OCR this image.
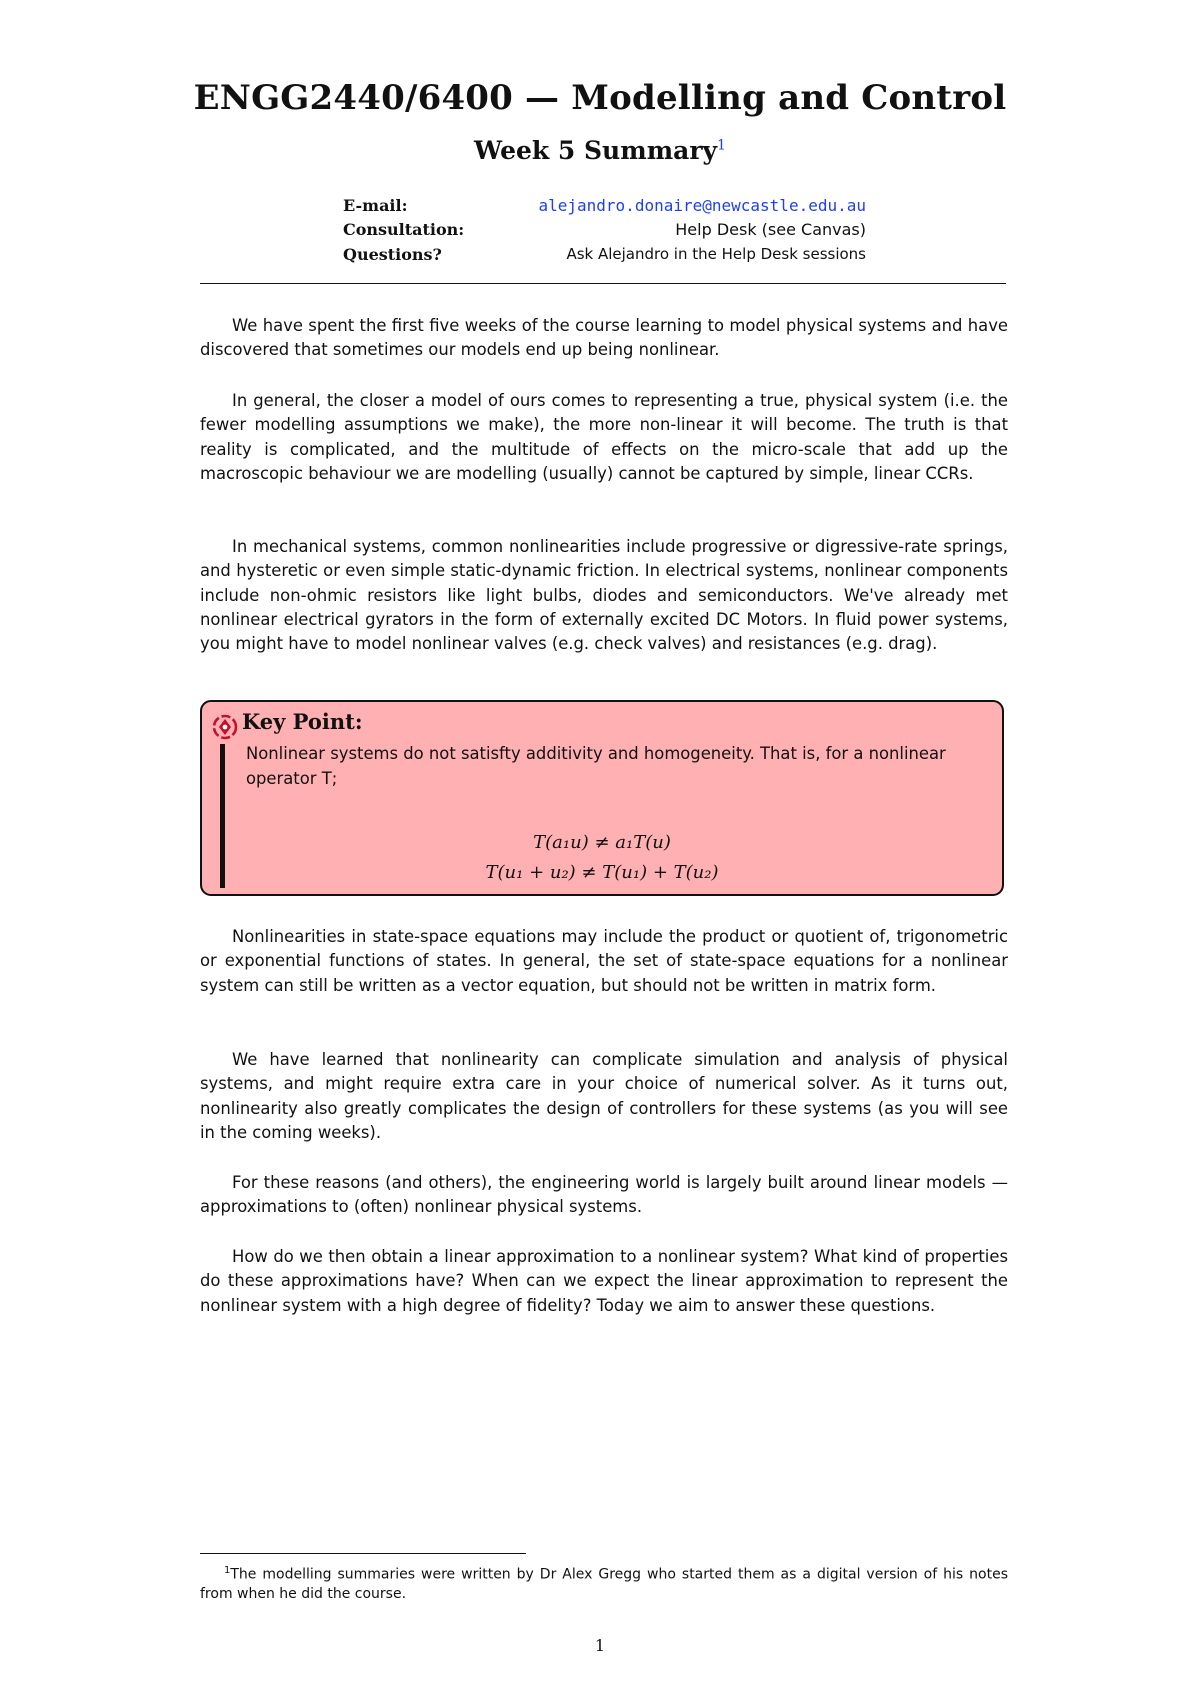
ENGG2440/6400 — Modelling and Control
Week 5 Summary$^1$
E-mail:	alejandro.donaire@newcastle.edu.au
Consultation:	Help Desk (see Canvas)
Questions?	Ask Alejandro in the Help Desk sessions

We have spent the first five weeks of the course learning to model physical systems and have discovered that sometimes our models end up being nonlinear.

In general, the closer a model of ours comes to representing a true, physical system (i.e. the fewer modelling assumptions we make), the more non-linear it will become. The truth is that reality is complicated, and the multitude of effects on the micro-scale that add up the macroscopic behaviour we are modelling (usually) cannot be captured by simple, linear CCRs.

In mechanical systems, common nonlinearities include progressive or digressive-rate springs, and hysteretic or even simple static-dynamic friction. In electrical systems, nonlinear components include non-ohmic resistors like light bulbs, diodes and semiconductors. We've already met nonlinear electrical gyrators in the form of externally excited DC Motors. In fluid power systems, you might have to model nonlinear valves (e.g. check valves) and resistances (e.g. drag).

Key Point:

Nonlinear systems do not satisfty additivity and homogeneity. That is, for a nonlinear operator T;

T(a₁u) ≠ a₁T(u)
T(u₁ + u₂) ≠ T(u₁) + T(u₂)

Nonlinearities in state-space equations may include the product or quotient of, trigonometric or exponential functions of states. In general, the set of state-space equations for a nonlinear system can still be written as a vector equation, but should not be written in matrix form.

We have learned that nonlinearity can complicate simulation and analysis of physical systems, and might require extra care in your choice of numerical solver. As it turns out, nonlinearity also greatly complicates the design of controllers for these systems (as you will see in the coming weeks).

For these reasons (and others), the engineering world is largely built around linear models — approximations to (often) nonlinear physical systems.

How do we then obtain a linear approximation to a nonlinear system? What kind of properties do these approximations have? When can we expect the linear approximation to represent the nonlinear system with a high degree of fidelity? Today we aim to answer these questions.

$^1$The modelling summaries were written by Dr Alex Gregg who started them as a digital version of his notes from when he did the course.

1
